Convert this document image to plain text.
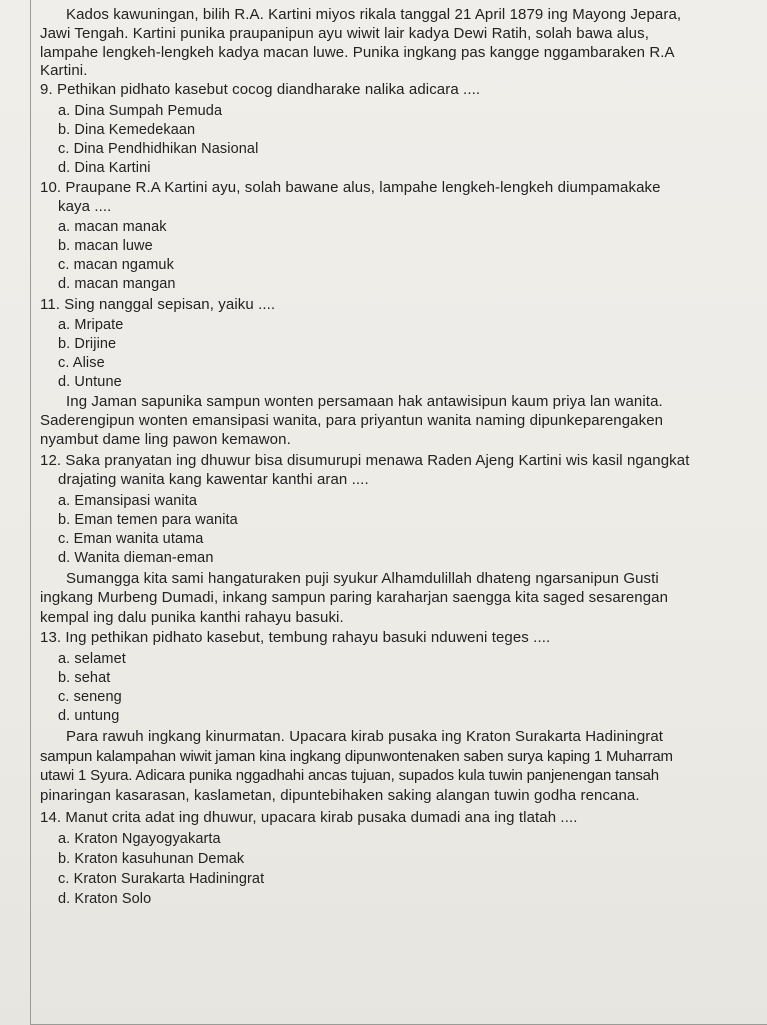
Kados kawuningan, bilih R.A. Kartini miyos rikala tanggal 21 April 1879 ing Mayong Jepara,
Jawi Tengah. Kartini punika praupanipun ayu wiwit lair kadya Dewi Ratih, solah bawa alus,
lampahe lengkeh-lengkeh kadya macan luwe. Punika ingkang pas kangge nggambaraken R.A
Kartini.
9. Pethikan pidhato kasebut cocog diandharake nalika adicara ....
a. Dina Sumpah Pemuda
b. Dina Kemedekaan
c. Dina Pendhidhikan Nasional
d. Dina Kartini
10. Praupane R.A Kartini ayu, solah bawane alus, lampahe lengkeh-lengkeh diumpamakake
kaya ....
a. macan manak
b. macan luwe
c. macan ngamuk
d. macan mangan
11. Sing nanggal sepisan, yaiku ....
a. Mripate
b. Drijine
c. Alise
d. Untune
Ing Jaman sapunika sampun wonten persamaan hak antawisipun kaum priya lan wanita.
Saderengipun wonten emansipasi wanita, para priyantun wanita naming dipunkeparengaken
nyambut dame ling pawon kemawon.
12. Saka pranyatan ing dhuwur bisa disumurupi menawa Raden Ajeng Kartini wis kasil ngangkat
drajating wanita kang kawentar kanthi aran ....
a. Emansipasi wanita
b. Eman temen para wanita
c. Eman wanita utama
d. Wanita dieman-eman
Sumangga kita sami hangaturaken puji syukur Alhamdulillah dhateng ngarsanipun Gusti
ingkang Murbeng Dumadi, inkang sampun paring karaharjan saengga kita saged sesarengan
kempal ing dalu punika kanthi rahayu basuki.
13. Ing pethikan pidhato kasebut, tembung rahayu basuki nduweni teges ....
a. selamet
b. sehat
c. seneng
d. untung
Para rawuh ingkang kinurmatan. Upacara kirab pusaka ing Kraton Surakarta Hadiningrat
sampun kalampahan wiwit jaman kina ingkang dipunwontenaken saben surya kaping 1 Muharram
utawi 1 Syura. Adicara punika nggadhahi ancas tujuan, supados kula tuwin panjenengan tansah
pinaringan kasarasan, kaslametan, dipuntebihaken saking alangan tuwin godha rencana.
14. Manut crita adat ing dhuwur, upacara kirab pusaka dumadi ana ing tlatah ....
a. Kraton Ngayogyakarta
b. Kraton kasuhunan Demak
c. Kraton Surakarta Hadiningrat
d. Kraton Solo
